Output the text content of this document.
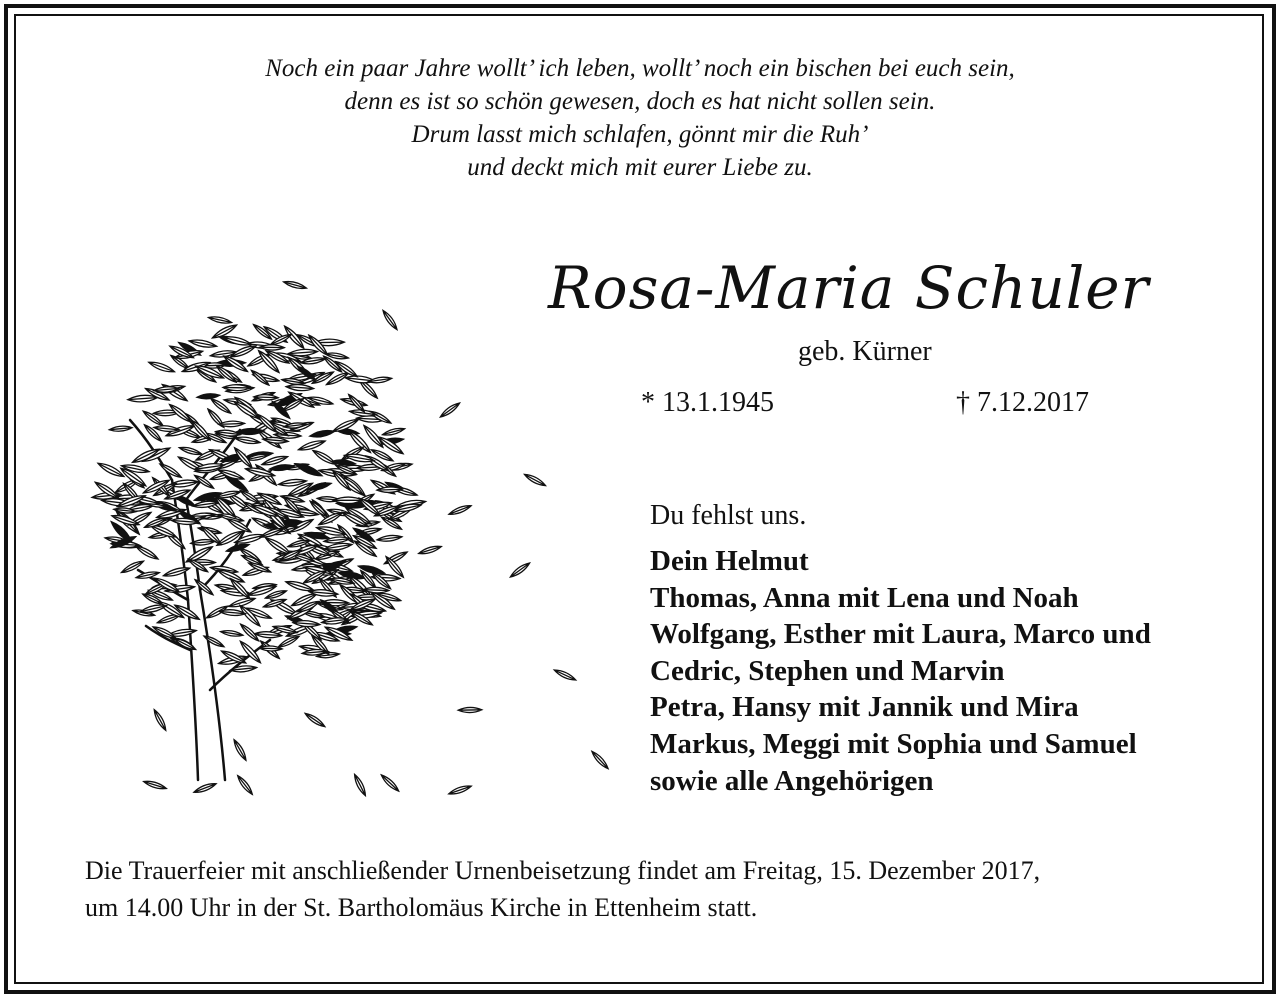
Noch ein paar Jahre wollt’ ich leben, wollt’ noch ein bischen bei euch sein,
denn es ist so schön gewesen, doch es hat nicht sollen sein.
Drum lasst mich schlafen, gönnt mir die Ruh’
und deckt mich mit eurer Liebe zu.
Rosa-Maria Schuler
geb. Kürner
* 13.1.1945	† 7.12.2017
Du fehlst uns.
Dein Helmut
Thomas, Anna mit Lena und Noah
Wolfgang, Esther mit Laura, Marco und
Cedric, Stephen und Marvin
Petra, Hansy mit Jannik und Mira
Markus, Meggi mit Sophia und Samuel
sowie alle Angehörigen
Die Trauerfeier mit anschließender Urnenbeisetzung findet am Freitag, 15. Dezember 2017,
um 14.00 Uhr in der St. Bartholomäus Kirche in Ettenheim statt.
